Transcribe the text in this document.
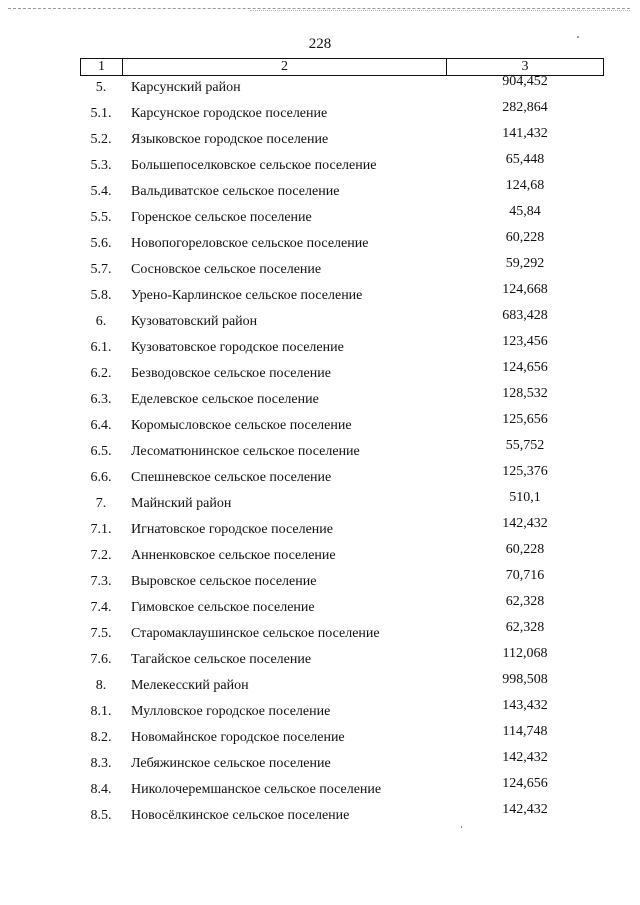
228
1	2	3
5.	Карсунский район	904,452
5.1.	Карсунское городское поселение	282,864
5.2.	Языковское городское поселение	141,432
5.3.	Большепоселковское сельское поселение	65,448
5.4.	Вальдиватское сельское поселение	124,68
5.5.	Горенское сельское поселение	45,84
5.6.	Новопогореловское сельское поселение	60,228
5.7.	Сосновское сельское поселение	59,292
5.8.	Урено-Карлинское сельское поселение	124,668
6.	Кузоватовский район	683,428
6.1.	Кузоватовское городское поселение	123,456
6.2.	Безводовское сельское поселение	124,656
6.3.	Еделевское сельское поселение	128,532
6.4.	Коромысловское сельское поселение	125,656
6.5.	Лесоматюнинское сельское поселение	55,752
6.6.	Спешневское сельское поселение	125,376
7.	Майнский район	510,1
7.1.	Игнатовское городское поселение	142,432
7.2.	Анненковское сельское поселение	60,228
7.3.	Выровское сельское поселение	70,716
7.4.	Гимовское сельское поселение	62,328
7.5.	Старомаклаушинское сельское поселение	62,328
7.6.	Тагайское сельское поселение	112,068
8.	Мелекесский район	998,508
8.1.	Мулловское городское поселение	143,432
8.2.	Новомайнское городское поселение	114,748
8.3.	Лебяжинское сельское поселение	142,432
8.4.	Николочеремшанское сельское поселение	124,656
8.5.	Новосёлкинское сельское поселение	142,432
